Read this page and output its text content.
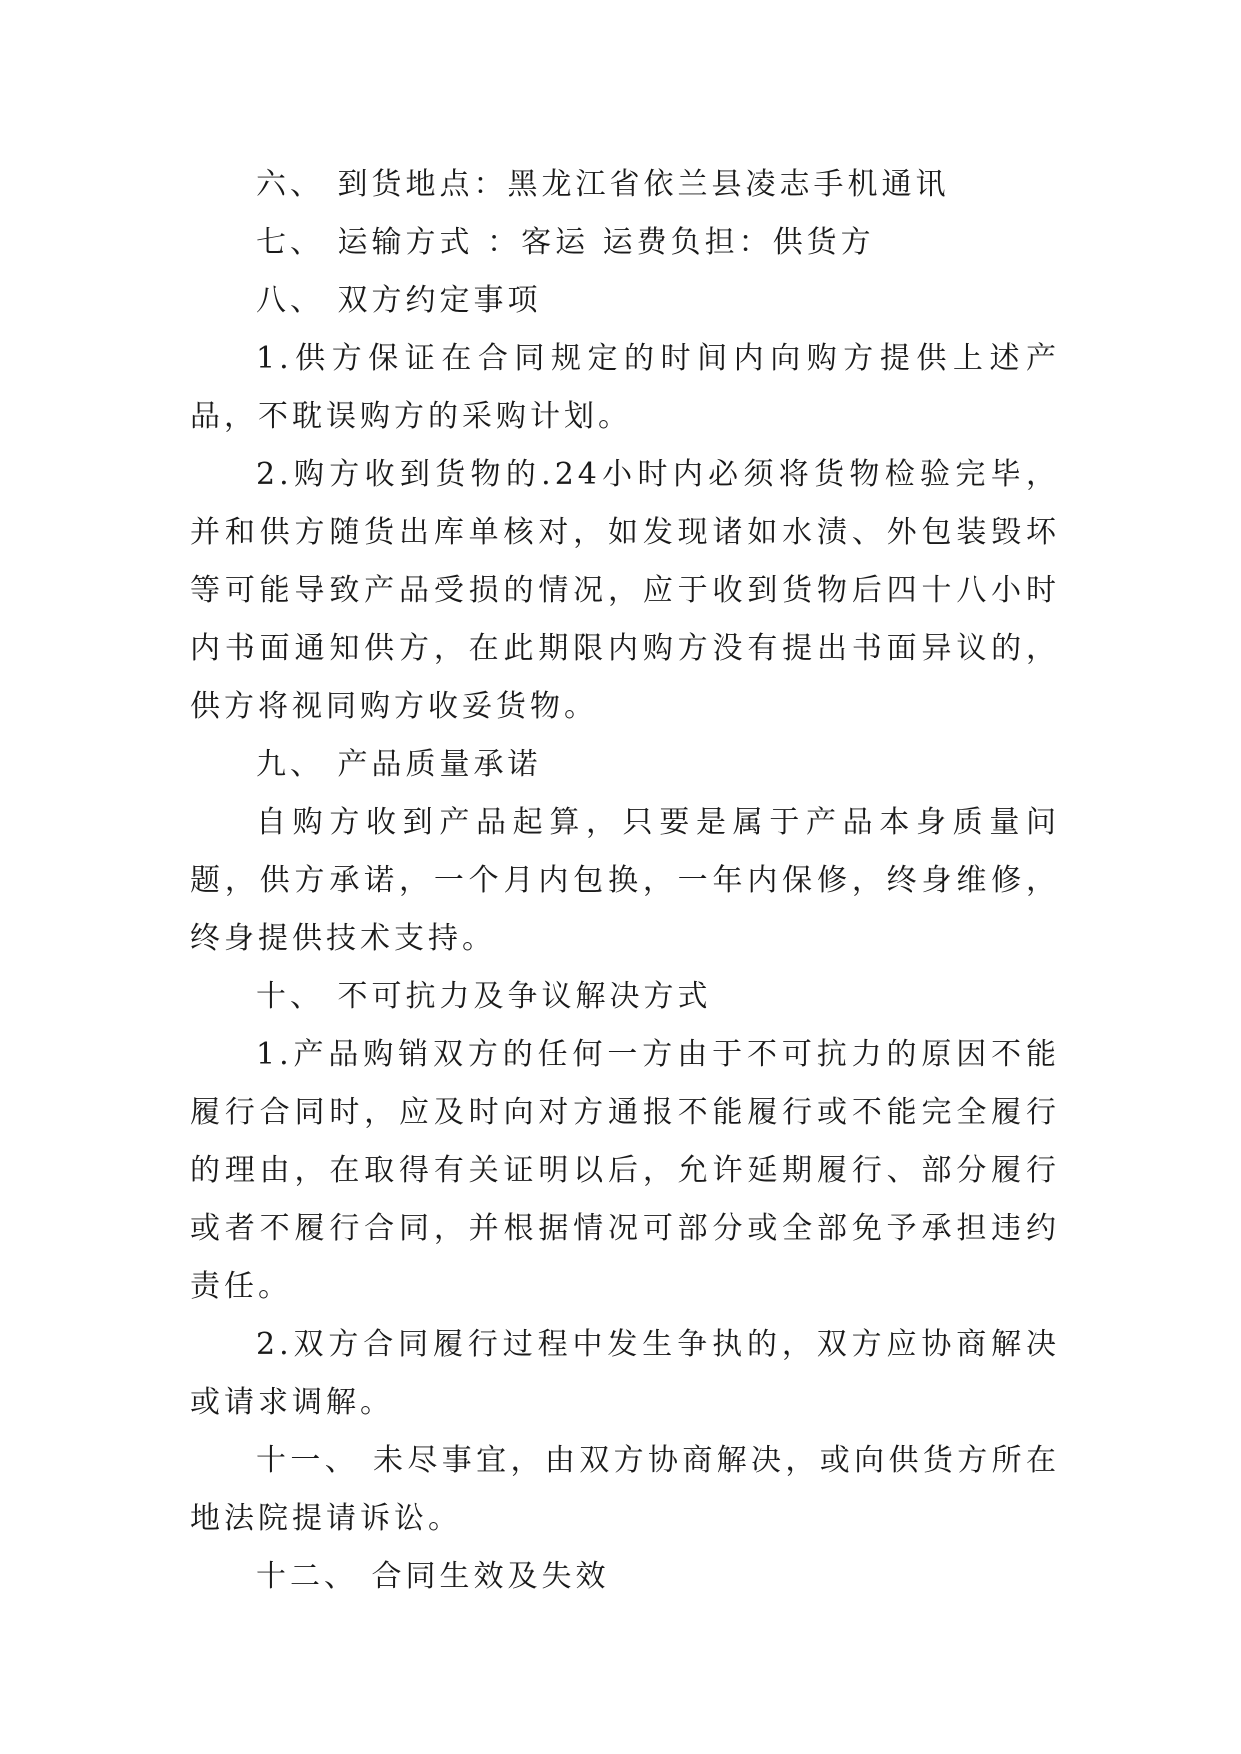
六、 到货地点：黑龙江省依兰县凌志手机通讯

七、 运输方式 ：客运 运费负担：供货方

八、 双方约定事项

1.供方保证在合同规定的时间内向购方提供上述产品，不耽误购方的采购计划。

2.购方收到货物的.24小时内必须将货物检验完毕，并和供方随货出库单核对，如发现诸如水渍、外包装毁坏等可能导致产品受损的情况，应于收到货物后四十八小时内书面通知供方，在此期限内购方没有提出书面异议的，供方将视同购方收妥货物。

九、 产品质量承诺

自购方收到产品起算，只要是属于产品本身质量问题，供方承诺，一个月内包换，一年内保修，终身维修，终身提供技术支持。

十、 不可抗力及争议解决方式

1.产品购销双方的任何一方由于不可抗力的原因不能履行合同时，应及时向对方通报不能履行或不能完全履行的理由，在取得有关证明以后，允许延期履行、部分履行或者不履行合同，并根据情况可部分或全部免予承担违约责任。

2.双方合同履行过程中发生争执的，双方应协商解决或请求调解。

十一、 未尽事宜，由双方协商解决，或向供货方所在地法院提请诉讼。

十二、 合同生效及失效
